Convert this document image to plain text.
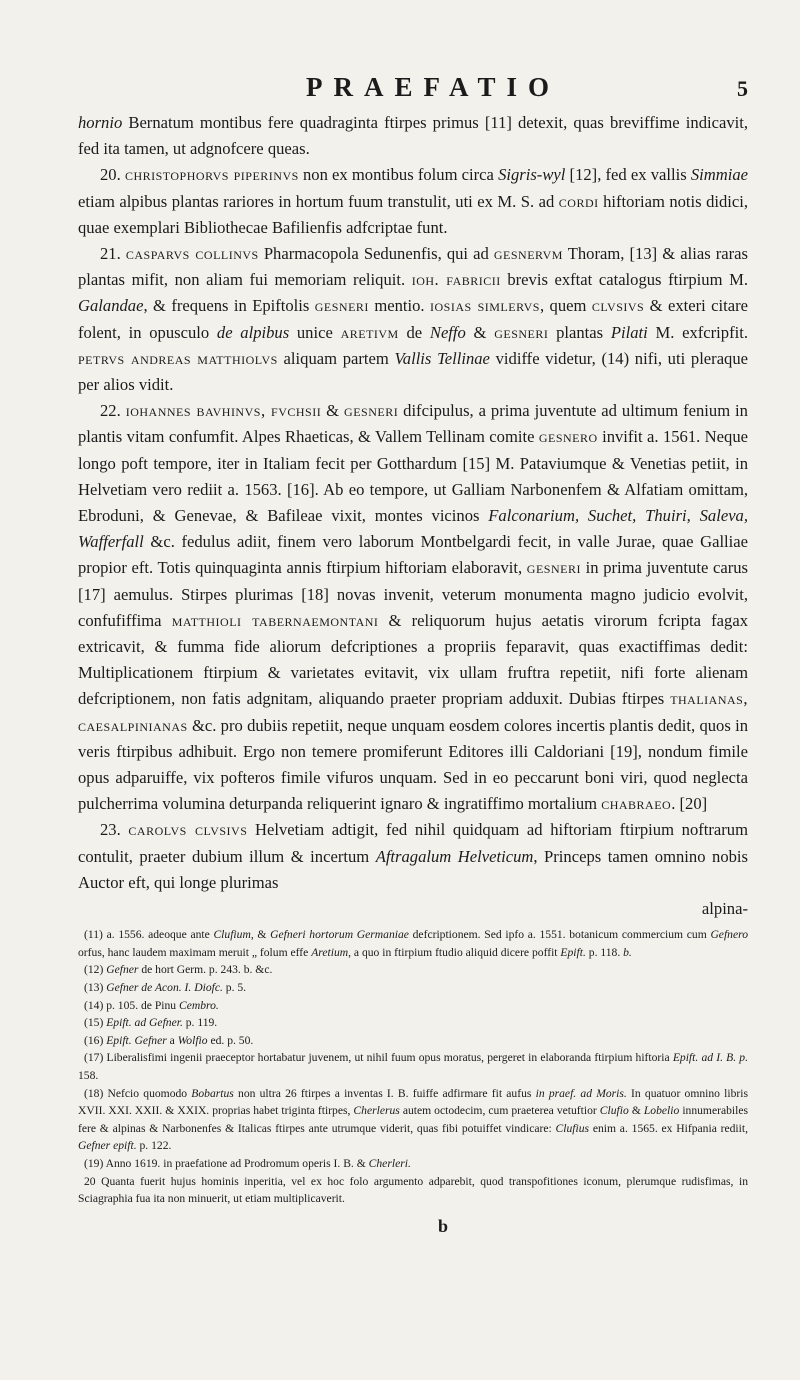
PRAEFATIO	5

hornio Bernatum montibus fere quadraginta ftirpes primus [11] detexit, quas breviffime indicavit, fed ita tamen, ut adgnofcere queas.

20. christophorvs piperinvs non ex montibus folum circa Sigris-wyl [12], fed ex vallis Simmiae etiam alpibus plantas rariores in hortum fuum transtulit, uti ex M. S. ad cordi hiftoriam notis didici, quae exemplari Bibliothecae Bafilienfis adfcriptae funt.

21. casparvs collinvs Pharmacopola Sedunenfis, qui ad gesnervm Thoram, [13] & alias raras plantas mifit, non aliam fui memoriam reliquit. ioh. fabricii brevis exftat catalogus ftirpium M. Galandae, & frequens in Epiftolis gesneri mentio. iosias simlervs, quem clvsivs & exteri citare folent, in opusculo de alpibus unice aretivm de Neffo & gesneri plantas Pilati M. exfcripfit. petrvs andreas matthiolvs aliquam partem Vallis Tellinae vidiffe videtur, (14) nifi, uti pleraque per alios vidit.

22. iohannes bavhinvs, fvchsii & gesneri difcipulus, a prima juventute ad ultimum fenium in plantis vitam confumfit. Alpes Rhaeticas, & Vallem Tellinam comite gesnero invifit a. 1561. Neque longo poft tempore, iter in Italiam fecit per Gotthardum [15] M. Pataviumque & Venetias petiit, in Helvetiam vero rediit a. 1563. [16]. Ab eo tempore, ut Galliam Narbonenfem & Alfatiam omittam, Ebroduni, & Genevae, & Bafileae vixit, montes vicinos Falconarium, Suchet, Thuiri, Saleva, Wafferfall &c. fedulus adiit, finem vero laborum Montbelgardi fecit, in valle Jurae, quae Galliae propior eft. Totis quinquaginta annis ftirpium hiftoriam elaboravit, gesneri in prima juventute carus [17] aemulus. Stirpes plurimas [18] novas invenit, veterum monumenta magno judicio evolvit, confufiffima matthioli tabernaemontani & reliquorum hujus aetatis virorum fcripta fagax extricavit, & fumma fide aliorum defcriptiones a propriis feparavit, quas exactiffimas dedit: Multiplicationem ftirpium & varietates evitavit, vix ullam fruftra repetiit, nifi forte alienam defcriptionem, non fatis adgnitam, aliquando praeter propriam adduxit. Dubias ftirpes thalianas, caesalpinianas &c. pro dubiis repetiit, neque unquam eosdem colores incertis plantis dedit, quos in veris ftirpibus adhibuit. Ergo non temere promiferunt Editores illi Caldoriani [19], nondum fimile opus adparuiffe, vix pofteros fimile vifuros unquam. Sed in eo peccarunt boni viri, quod neglecta pulcherrima volumina deturpanda reliquerint ignaro & ingratiffimo mortalium chabraeo. [20]

23. carolvs clvsivs Helvetiam adtigit, fed nihil quidquam ad hiftoriam ftirpium noftrarum contulit, praeter dubium illum & incertum Aftragalum Helveticum, Princeps tamen omnino nobis Auctor eft, qui longe plurimas

alpina-

(11) a. 1556. adeoque ante Clufium, & Gefneri hortorum Germaniae defcriptionem. Sed ipfo a. 1551. botanicum commercium cum Gefnero orfus, hanc laudem maximam meruit „ folum effe Aretium, a quo in ftirpium ftudio aliquid dicere poffit Epift. p. 118. b.

(12) Gefner de hort Germ. p. 243. b. &c.

(13) Gefner de Acon. I. Diofc. p. 5.

(14) p. 105. de Pinu Cembro.

(15) Epift. ad Gefner. p. 119.

(16) Epift. Gefner a Wolfio ed. p. 50.

(17) Liberalisfimi ingenii praeceptor hortabatur juvenem, ut nihil fuum opus moratus, pergeret in elaboranda ftirpium hiftoria Epift. ad I. B. p. 158.

(18) Nefcio quomodo Bobartus non ultra 26 ftirpes a inventas I. B. fuiffe adfirmare fit aufus in praef. ad Moris. In quatuor omnino libris XVII. XXI. XXII. & XXIX. proprias habet triginta ftirpes, Cherlerus autem octodecim, cum praeterea vetuftior Clufio & Lobelio innumerabiles fere & alpinas & Narbonenfes & Italicas ftirpes ante utrumque viderit, quas fibi potuiffet vindicare: Clufius enim a. 1565. ex Hifpania rediit, Gefner epift. p. 122.

(19) Anno 1619. in praefatione ad Prodromum operis I. B. & Cherleri.

20 Quanta fuerit hujus hominis inperitia, vel ex hoc folo argumento adparebit, quod transpofitiones iconum, plerumque rudisfimas, in Sciagraphia fua ita non minuerit, ut etiam multiplicaverit.

b
